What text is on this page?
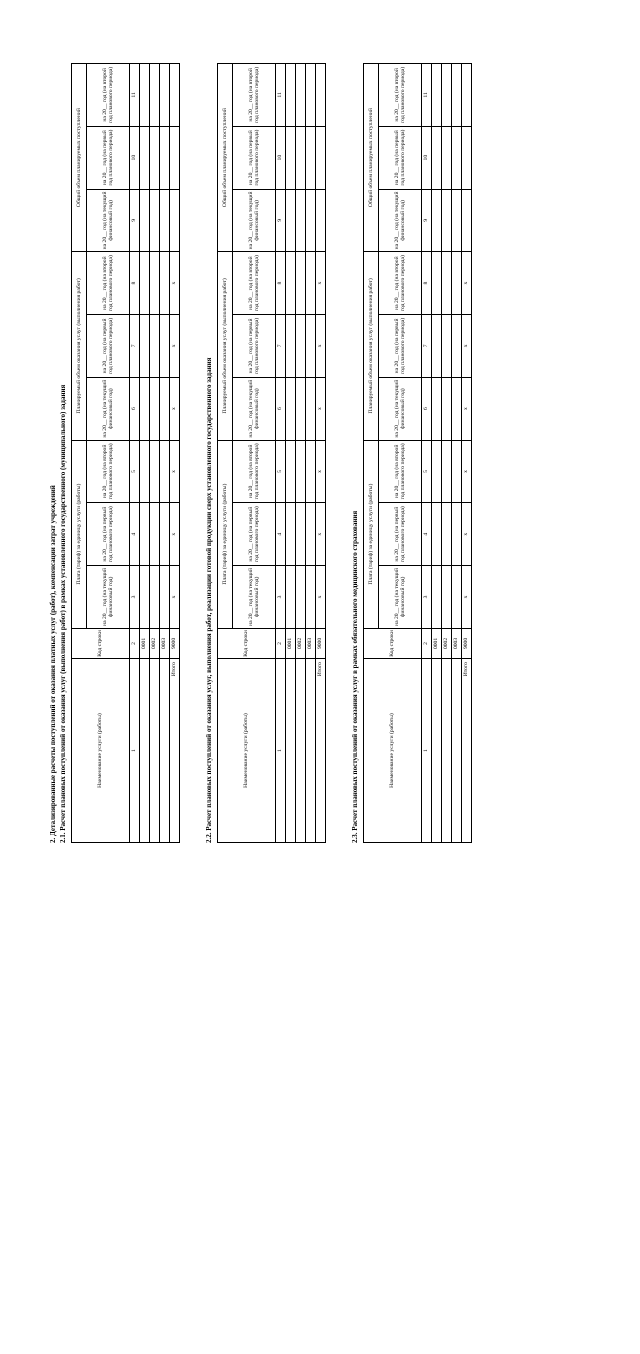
2. Детализированные расчеты поступлений от оказания платных услуг (работ), компенсации затрат учреждений 2.1. Расчет плановых поступлений от оказания услуг (выполнения работ) в рамках установленного государственного (муниципального) задания	Наименование услуги (работы)	Код строки	Плата (тариф) за единицу услуги (работы)			Планируемый объем оказания услуг (выполнения работ)			Общий объем планируемых поступлений		
		на 20__ год (на текущий финансовый год)	на 20__ год (на первый год планового периода)	на 20__ год (на второй год планового периода)	на 20__ год (на текущий финансовый год)	на 20__ год (на первый год планового периода)	на 20__ год (на второй год планового периода)	на 20__ год (на текущий финансовый год)	на 20__ год (на первый год планового периода)	на 20__ год (на второй год планового периода)
1	2	3	4	5	6	7	8	9	10	11
	0001									
	0002									
	0003									
Итого	9000	х	х	х	х	х	х			
2.2. Расчет плановых поступлений от оказания услуг, выполнения работ, реализации готовой продукции сверх установленного государственного задания	Наименование услуги (работы)	Код строки	Плата (тариф) за единицу услуги (работы)			Планируемый объем оказания услуг (выполнения работ)			Общий объем планируемых поступлений		
		на 20__ год (на текущий финансовый год)	на 20__ год (на первый год планового периода)	на 20__ год (на второй год планового периода)	на 20__ год (на текущий финансовый год)	на 20__ год (на первый год планового периода)	на 20__ год (на второй год планового периода)	на 20__ год (на текущий финансовый год)	на 20__ год (на первый год планового периода)	на 20__ год (на второй год планового периода)
1	2	3	4	5	6	7	8	9	10	11
	0001									
	0002									
	0003									
Итого	9000	х	х	х	х	х	х			
2.3. Расчет плановых поступлений от оказания услуг в рамках обязательного медицинского страхования	Наименование услуги (работы)	Код строки	Плата (тариф) за единицу услуги (работы)			Планируемый объем оказания услуг (выполнения работ)			Общий объем планируемых поступлений		
		на 20__ год (на текущий финансовый год)	на 20__ год (на первый год планового периода)	на 20__ год (на второй год планового периода)	на 20__ год (на текущий финансовый год)	на 20__ год (на первый год планового периода)	на 20__ год (на второй год планового периода)	на 20__ год (на текущий финансовый год)	на 20__ год (на первый год планового периода)	на 20__ год (на второй год планового периода)
1	2	3	4	5	6	7	8	9	10	11
	0001									
	0002									
	0003									
Итого	9000	х	х	х	х	х	х			
